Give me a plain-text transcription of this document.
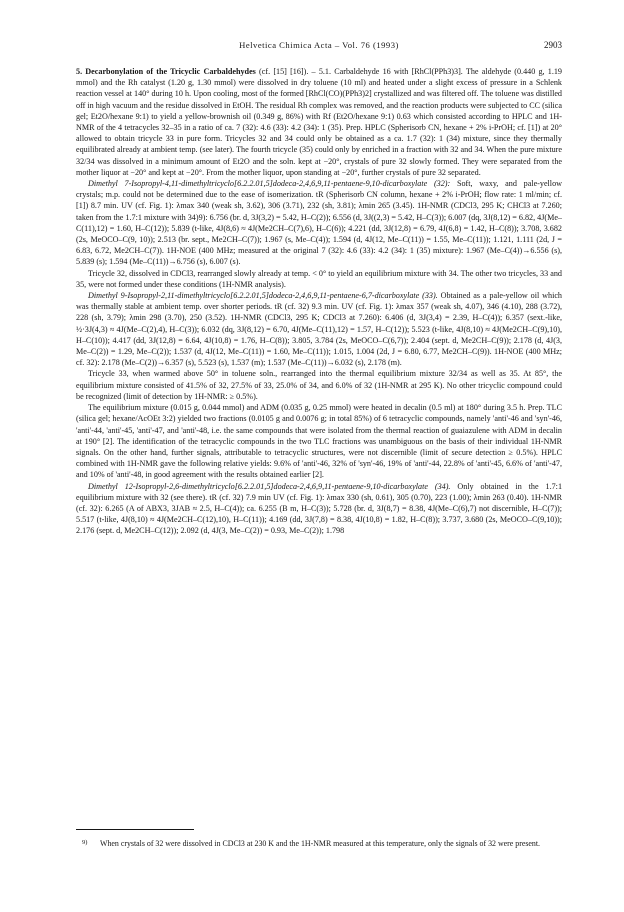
Helvetica Chimica Acta – Vol. 76 (1993)	2903

5. Decarbonylation of the Tricyclic Carbaldehydes (cf. [15] [16]). – 5.1. Carbaldehyde 16 with [RhCl(PPh3)3]. The aldehyde (0.440 g, 1.19 mmol) and the Rh catalyst (1.20 g, 1.30 mmol) were dissolved in dry toluene (10 ml) and heated under a slight excess of pressure in a Schlenk reaction vessel at 140° during 10 h. Upon cooling, most of the formed [RhCl(CO)(PPh3)2] crystallized and was filtered off. The toluene was distilled off in high vacuum and the residue dissolved in EtOH. The residual Rh complex was removed, and the reaction products were subjected to CC (silica gel; Et2O/hexane 9:1) to yield a yellow-brownish oil (0.349 g, 86%) with Rf (Et2O/hexane 9:1) 0.63 which consisted according to HPLC and 1H-NMR of the 4 tetracycles 32–35 in a ratio of ca. 7 (32): 4.6 (33): 4.2 (34): 1 (35). Prep. HPLC (Spherisorb CN, hexane + 2% i-PrOH; cf. [1]) at 20° allowed to obtain tricycle 33 in pure form. Tricycles 32 and 34 could only be obtained as a ca. 1.7 (32): 1 (34) mixture, since they thermally equilibrated already at ambient temp. (see later). The fourth tricycle (35) could only by enriched in a fraction with 32 and 34. When the pure mixture 32/34 was dissolved in a minimum amount of Et2O and the soln. kept at −20°, crystals of pure 32 slowly formed. They were separated from the mother liquor at −20° and kept at −20°. From the mother liquor, upon standing at −20°, further crystals of pure 32 separated.

Dimethyl 7-Isopropyl-4,11-dimethyltricyclo[6.2.2.01,5]dodeca-2,4,6,9,11-pentaene-9,10-dicarboxylate (32): Soft, waxy, and pale-yellow crystals; m.p. could not be determined due to the ease of isomerization. tR (Spherisorb CN column, hexane + 2% i-PrOH; flow rate: 1 ml/min; cf. [1]) 8.7 min. UV (cf. Fig. 1): λmax 340 (weak sh, 3.62), 306 (3.71), 232 (sh, 3.81); λmin 265 (3.45). 1H-NMR (CDCl3, 295 K; CHCl3 at 7.260; taken from the 1.7:1 mixture with 34)9): 6.756 (br. d, 3J(3,2) = 5.42, H–C(2)); 6.556 (d, 3J((2,3) = 5.42, H–C(3)); 6.007 (dq, 3J(8,12) = 6.82, 4J(Me–C(11),12) = 1.60, H–C(12)); 5.839 (t-like, 4J(8,6) ≈ 4J(Me2CH–C(7),6), H–C(6)); 4.221 (dd, 3J(12,8) = 6.79, 4J(6,8) = 1.42, H–C(8)); 3.708, 3.682 (2s, MeOCO–C(9, 10)); 2.513 (br. sept., Me2CH–C(7)); 1.967 (s, Me–C(4)); 1.594 (d, 4J(12, Me–C(11)) = 1.55, Me–C(11)); 1.121, 1.111 (2d, J = 6.83, 6.72, Me2CH–C(7)). 1H-NOE (400 MHz; measured at the original 7 (32): 4.6 (33): 4.2 (34): 1 (35) mixture): 1.967 (Me–C(4))→6.556 (s), 5.839 (s); 1.594 (Me–C(11))→6.756 (s), 6.007 (s).

Tricycle 32, dissolved in CDCl3, rearranged slowly already at temp. < 0° to yield an equilibrium mixture with 34. The other two tricycles, 33 and 35, were not formed under these conditions (1H-NMR analysis).

Dimethyl 9-Isopropyl-2,11-dimethyltricyclo[6.2.2.01,5]dodeca-2,4,6,9,11-pentaene-6,7-dicarboxylate (33). Obtained as a pale-yellow oil which was thermally stable at ambient temp. over shorter periods. tR (cf. 32) 9.3 min. UV (cf. Fig. 1): λmax 357 (weak sh, 4.07), 346 (4.10), 288 (3.72), 228 (sh, 3.79); λmin 298 (3.70), 250 (3.52). 1H-NMR (CDCl3, 295 K; CDCl3 at 7.260): 6.406 (d, 3J(3,4) = 2.39, H–C(4)); 6.357 (sext.-like, ½·3J(4,3) ≈ 4J(Me–C(2),4), H–C(3)); 6.032 (dq, 3J(8,12) = 6.70, 4J(Me–C(11),12) = 1.57, H–C(12)); 5.523 (t-like, 4J(8,10) ≈ 4J(Me2CH–C(9),10), H–C(10)); 4.417 (dd, 3J(12,8) = 6.64, 4J(10,8) = 1.76, H–C(8)); 3.805, 3.784 (2s, MeOCO–C(6,7)); 2.404 (sept. d, Me2CH–C(9)); 2.178 (d, 4J(3, Me–C(2)) = 1.29, Me–C(2)); 1.537 (d, 4J(12, Me–C(11)) = 1.60, Me–C(11)); 1.015, 1.004 (2d, J = 6.80, 6.77, Me2CH–C(9)). 1H-NOE (400 MHz; cf. 32): 2.178 (Me–C(2))→6.357 (s), 5.523 (s), 1.537 (m); 1.537 (Me–C(11))→6.032 (s), 2.178 (m).

Tricycle 33, when warmed above 50° in toluene soln., rearranged into the thermal equilibrium mixture 32/34 as well as 35. At 85°, the equilibrium mixture consisted of 41.5% of 32, 27.5% of 33, 25.0% of 34, and 6.0% of 32 (1H-NMR at 295 K). No other tricyclic compound could be recognized (limit of detection by 1H-NMR: ≥ 0.5%).

The equilibrium mixture (0.015 g, 0.044 mmol) and ADM (0.035 g, 0.25 mmol) were heated in decalin (0.5 ml) at 180° during 3.5 h. Prep. TLC (silica gel; hexane/AcOEt 3:2) yielded two fractions (0.0105 g and 0.0076 g; in total 85%) of 6 tetracyclic compounds, namely 'anti'-46 and 'syn'-46, 'anti'-44, 'anti'-45, 'anti'-47, and 'anti'-48, i.e. the same compounds that were isolated from the thermal reaction of guaiazulene with ADM in decalin at 190° [2]. The identification of the tetracyclic compounds in the two TLC fractions was unambiguous on the basis of their individual 1H-NMR signals. On the other hand, further signals, attributable to tetracyclic structures, were not discernible (limit of secure detection ≥ 0.5%). HPLC combined with 1H-NMR gave the following relative yields: 9.6% of 'anti'-46, 32% of 'syn'-46, 19% of 'anti'-44, 22.8% of 'anti'-45, 6.6% of 'anti'-47, and 10% of 'anti'-48, in good agreement with the results obtained earlier [2].

Dimethyl 12-Isopropyl-2,6-dimethyltricyclo[6.2.2.01,5]dodeca-2,4,6,9,11-pentaene-9,10-dicarboxylate (34). Only obtained in the 1.7:1 equilibrium mixture with 32 (see there). tR (cf. 32) 7.9 min UV (cf. Fig. 1): λmax 330 (sh, 0.61), 305 (0.70), 223 (1.00); λmin 263 (0.40). 1H-NMR (cf. 32): 6.265 (A of ABX3, 3JAB ≈ 2.5, H–C(4)); ca. 6.255 (B m, H–C(3)); 5.728 (br. d, 3J(8,7) = 8.38, 4J(Me–C(6),7) not discernible, H–C(7)); 5.517 (t-like, 4J(8,10) ≈ 4J(Me2CH–C(12),10), H–C(11)); 4.169 (dd, 3J(7,8) = 8.38, 4J(10,8) = 1.82, H–C(8)); 3.737, 3.680 (2s, MeOCO–C(9,10)); 2.176 (sept. d, Me2CH–C(12)); 2.092 (d, 4J(3, Me–C(2)) = 0.93, Me–C(2)); 1.798

9) When crystals of 32 were dissolved in CDCl3 at 230 K and the 1H-NMR measured at this temperature, only the signals of 32 were present.
